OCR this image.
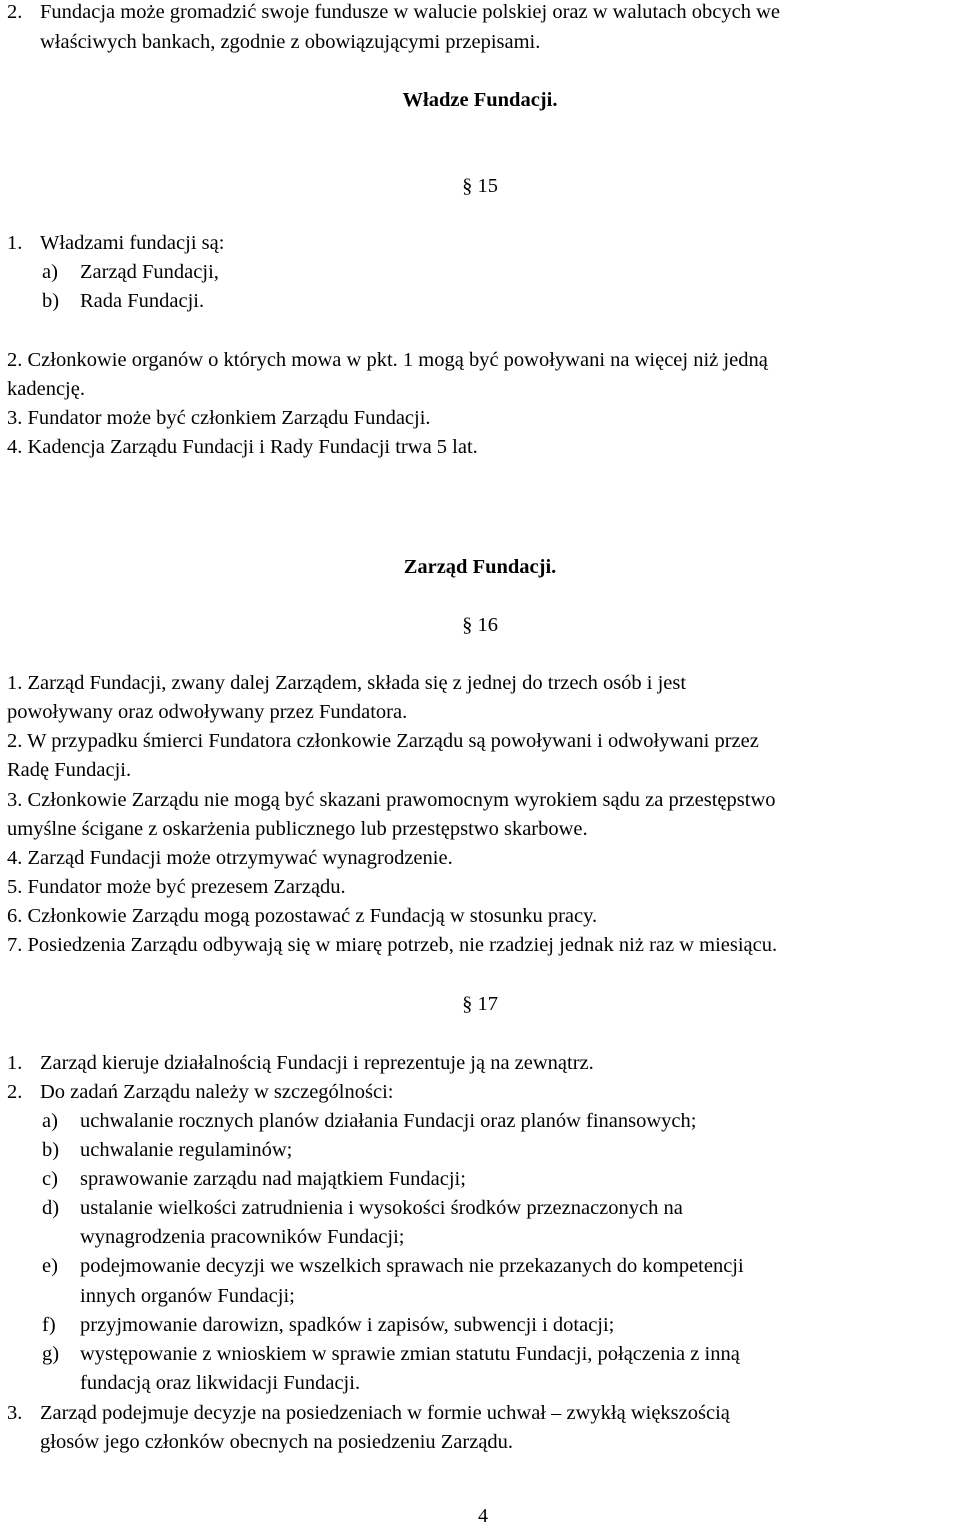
2. Fundacja może gromadzić swoje fundusze w walucie polskiej oraz w walutach obcych we
właściwych bankach, zgodnie z obowiązującymi przepisami.
Władze Fundacji.
§ 15
1. Władzami fundacji są:
a) Zarząd Fundacji,
b) Rada Fundacji.
2. Członkowie organów o których mowa w pkt. 1 mogą być powoływani na więcej niż jedną
kadencję.
3. Fundator może być członkiem Zarządu Fundacji.
4. Kadencja Zarządu Fundacji i Rady Fundacji trwa 5 lat.
Zarząd Fundacji.
§ 16
1. Zarząd Fundacji, zwany dalej Zarządem, składa się z jednej do trzech osób i jest
powoływany oraz odwoływany przez Fundatora.
2. W przypadku śmierci Fundatora członkowie Zarządu są powoływani i odwoływani przez
Radę Fundacji.
3. Członkowie Zarządu nie mogą być skazani prawomocnym wyrokiem sądu za przestępstwo
umyślne ścigane z oskarżenia publicznego lub przestępstwo skarbowe.
4. Zarząd Fundacji może otrzymywać wynagrodzenie.
5. Fundator może być prezesem Zarządu.
6. Członkowie Zarządu mogą pozostawać z Fundacją w stosunku pracy.
7. Posiedzenia Zarządu odbywają się w miarę potrzeb, nie rzadziej jednak niż raz w miesiącu.
§ 17
1. Zarząd kieruje działalnością Fundacji i reprezentuje ją na zewnątrz.
2. Do zadań Zarządu należy w szczególności:
a) uchwalanie rocznych planów działania Fundacji oraz planów finansowych;
b) uchwalanie regulaminów;
c) sprawowanie zarządu nad majątkiem Fundacji;
d) ustalanie wielkości zatrudnienia i wysokości środków przeznaczonych na
wynagrodzenia pracowników Fundacji;
e) podejmowanie decyzji we wszelkich sprawach nie przekazanych do kompetencji
innych organów Fundacji;
f) przyjmowanie darowizn, spadków i zapisów, subwencji i dotacji;
g) występowanie z wnioskiem w sprawie zmian statutu Fundacji, połączenia z inną
fundacją oraz likwidacji Fundacji.
3. Zarząd podejmuje decyzje na posiedzeniach w formie uchwał – zwykłą większością
głosów jego członków obecnych na posiedzeniu Zarządu.
4
